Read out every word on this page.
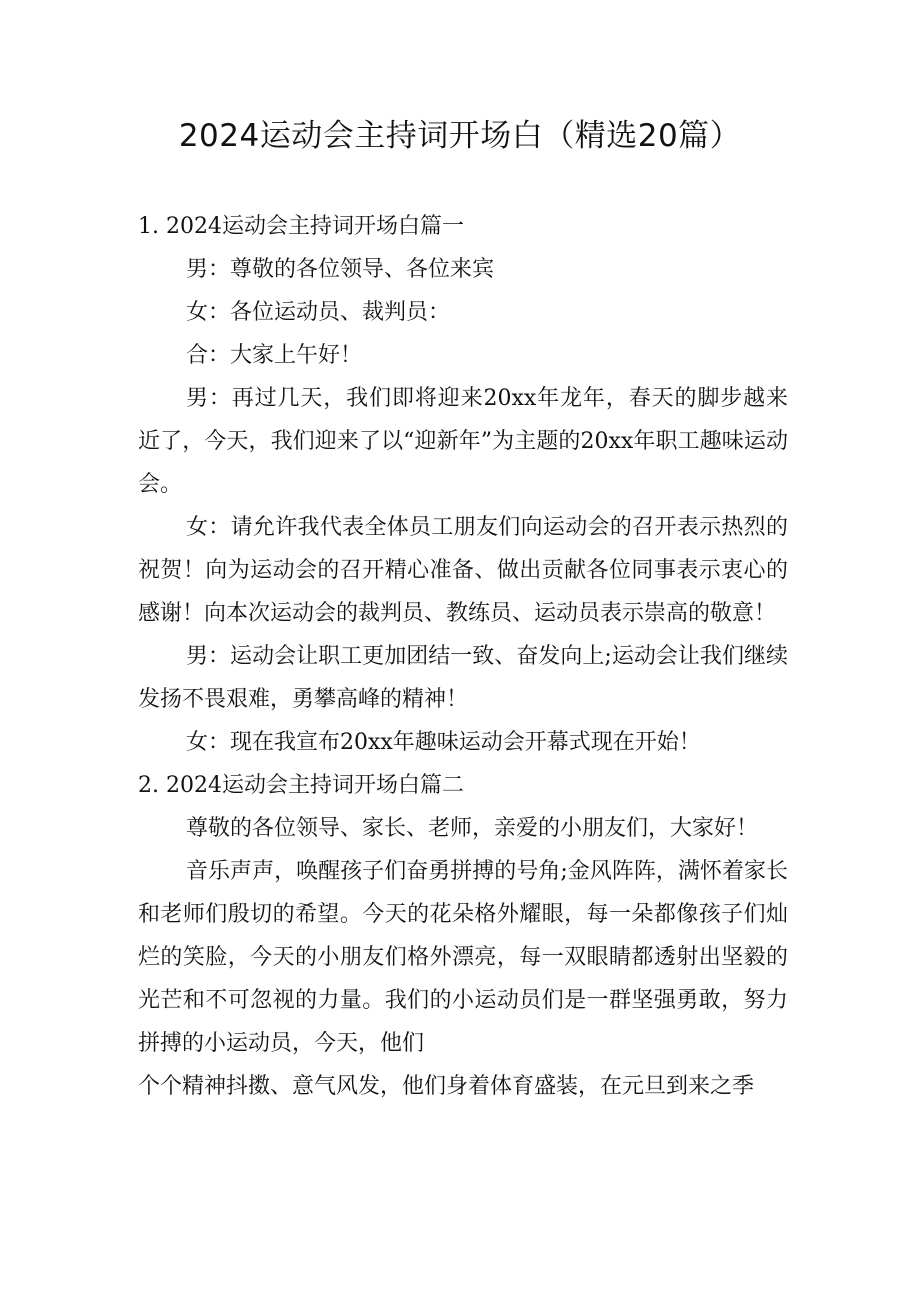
2024运动会主持词开场白（精选20篇）

1. 2024运动会主持词开场白篇一

男：尊敬的各位领导、各位来宾

女：各位运动员、裁判员：

合：大家上午好！

男：再过几天，我们即将迎来20xx年龙年，春天的脚步越来近了，今天，我们迎来了以“迎新年”为主题的20xx年职工趣味运动会。

女：请允许我代表全体员工朋友们向运动会的召开表示热烈的祝贺！向为运动会的召开精心准备、做出贡献各位同事表示衷心的感谢！向本次运动会的裁判员、教练员、运动员表示崇高的敬意！

男：运动会让职工更加团结一致、奋发向上;运动会让我们继续发扬不畏艰难，勇攀高峰的精神！

女：现在我宣布20xx年趣味运动会开幕式现在开始！

2. 2024运动会主持词开场白篇二

尊敬的各位领导、家长、老师，亲爱的小朋友们，大家好！

音乐声声，唤醒孩子们奋勇拼搏的号角;金风阵阵，满怀着家长和老师们殷切的希望。今天的花朵格外耀眼，每一朵都像孩子们灿烂的笑脸，今天的小朋友们格外漂亮，每一双眼睛都透射出坚毅的光芒和不可忽视的力量。我们的小运动员们是一群坚强勇敢，努力拼搏的小运动员，今天，他们

个个精神抖擞、意气风发，他们身着体育盛装，在元旦到来之季
